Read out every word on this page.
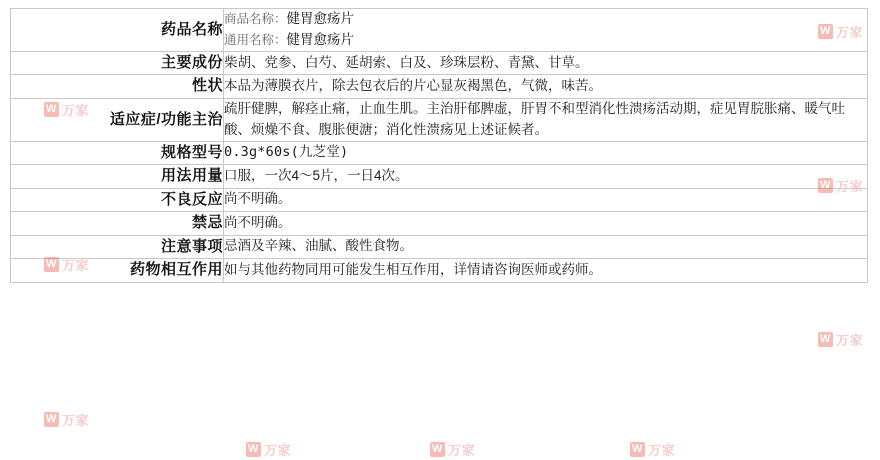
药品名称	商品名称：健胃愈疡片
通用名称：健胃愈疡片

主要成份	柴胡、党参、白芍、延胡索、白及、珍珠层粉、青黛、甘草。
性状	本品为薄膜衣片，除去包衣后的片心显灰褐黑色，气微，味苦。
适应症/功能主治	疏肝健脾，解痉止痛，止血生肌。主治肝郁脾虚，肝胃不和型消化性溃疡活动期，症见胃脘胀痛、暖气吐酸、烦燥不食、腹胀便溏；消化性溃疡见上述证候者。
规格型号	0.3g*60s(九芝堂)
用法用量	口服，一次4～5片，一日4次。
不良反应	尚不明确。
禁忌	尚不明确。
注意事项	忌酒及辛辣、油腻、酸性食物。
药物相互作用	如与其他药物同用可能发生相互作用，详情请咨询医师或药师。
W 万家
W 万家
W 万家
W 万家
W 万家
W 万家
W 万家
W 万家	W 万家
